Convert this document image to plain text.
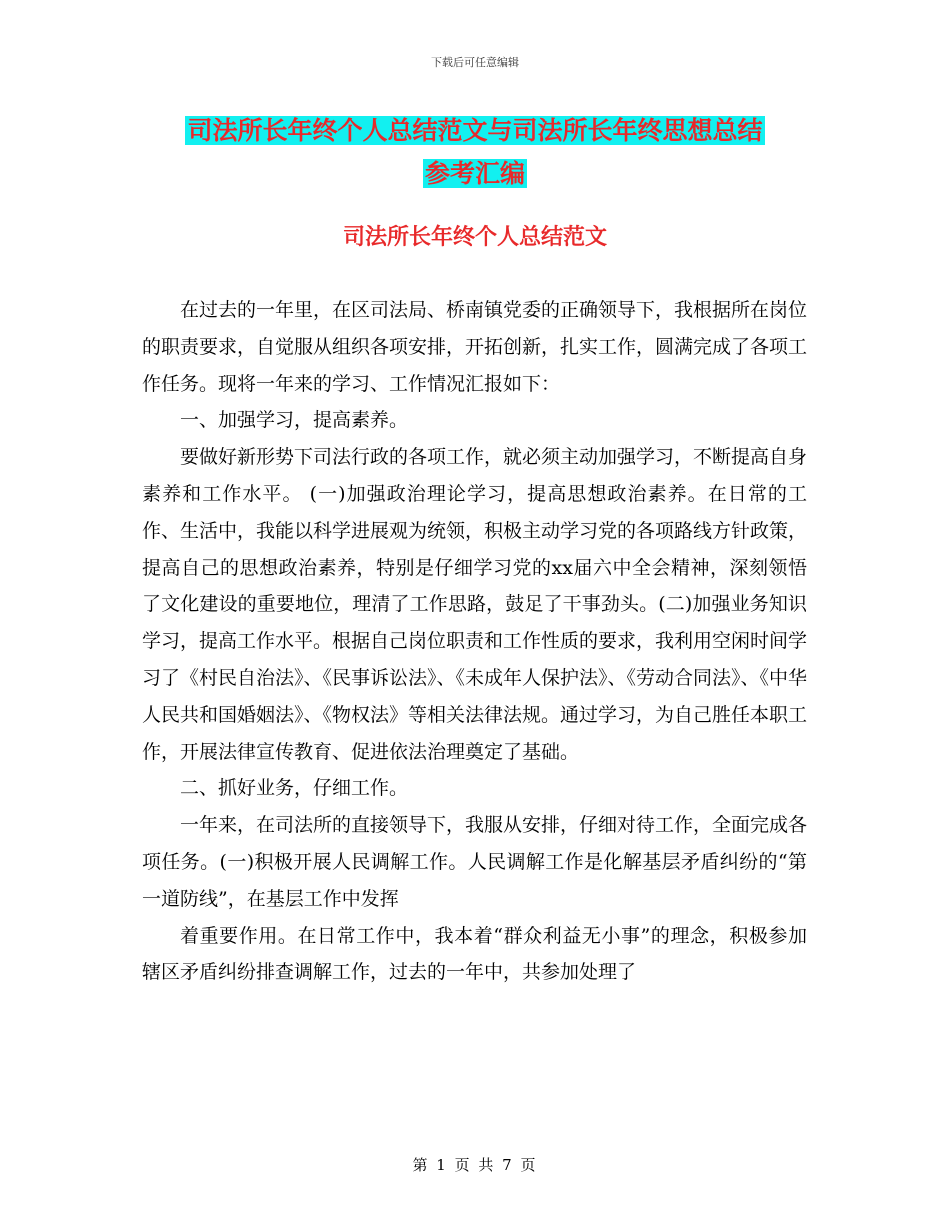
下载后可任意编辑
司法所长年终个人总结范文与司法所长年终思想总结
参考汇编
司法所长年终个人总结范文

在过去的一年里，在区司法局、桥南镇党委的正确领导下，我根据所在岗位的职责要求，自觉服从组织各项安排，开拓创新，扎实工作，圆满完成了各项工作任务。现将一年来的学习、工作情况汇报如下：

一、加强学习，提高素养。

要做好新形势下司法行政的各项工作，就必须主动加强学习，不断提高自身素养和工作水平。 (一)加强政治理论学习，提高思想政治素养。在日常的工作、生活中，我能以科学进展观为统领，积极主动学习党的各项路线方针政策，提高自己的思想政治素养，特别是仔细学习党的xx届六中全会精神，深刻领悟了文化建设的重要地位，理清了工作思路，鼓足了干事劲头。(二)加强业务知识学习，提高工作水平。根据自己岗位职责和工作性质的要求，我利用空闲时间学习了《村民自治法》、《民事诉讼法》、《未成年人保护法》、《劳动合同法》、《中华人民共和国婚姻法》、《物权法》等相关法律法规。通过学习，为自己胜任本职工作，开展法律宣传教育、促进依法治理奠定了基础。

二、抓好业务，仔细工作。

一年来，在司法所的直接领导下，我服从安排，仔细对待工作，全面完成各项任务。(一)积极开展人民调解工作。人民调解工作是化解基层矛盾纠纷的“第一道防线”，在基层工作中发挥

着重要作用。在日常工作中，我本着“群众利益无小事”的理念，积极参加辖区矛盾纠纷排查调解工作，过去的一年中，共参加处理了

第 1 页 共 7 页
